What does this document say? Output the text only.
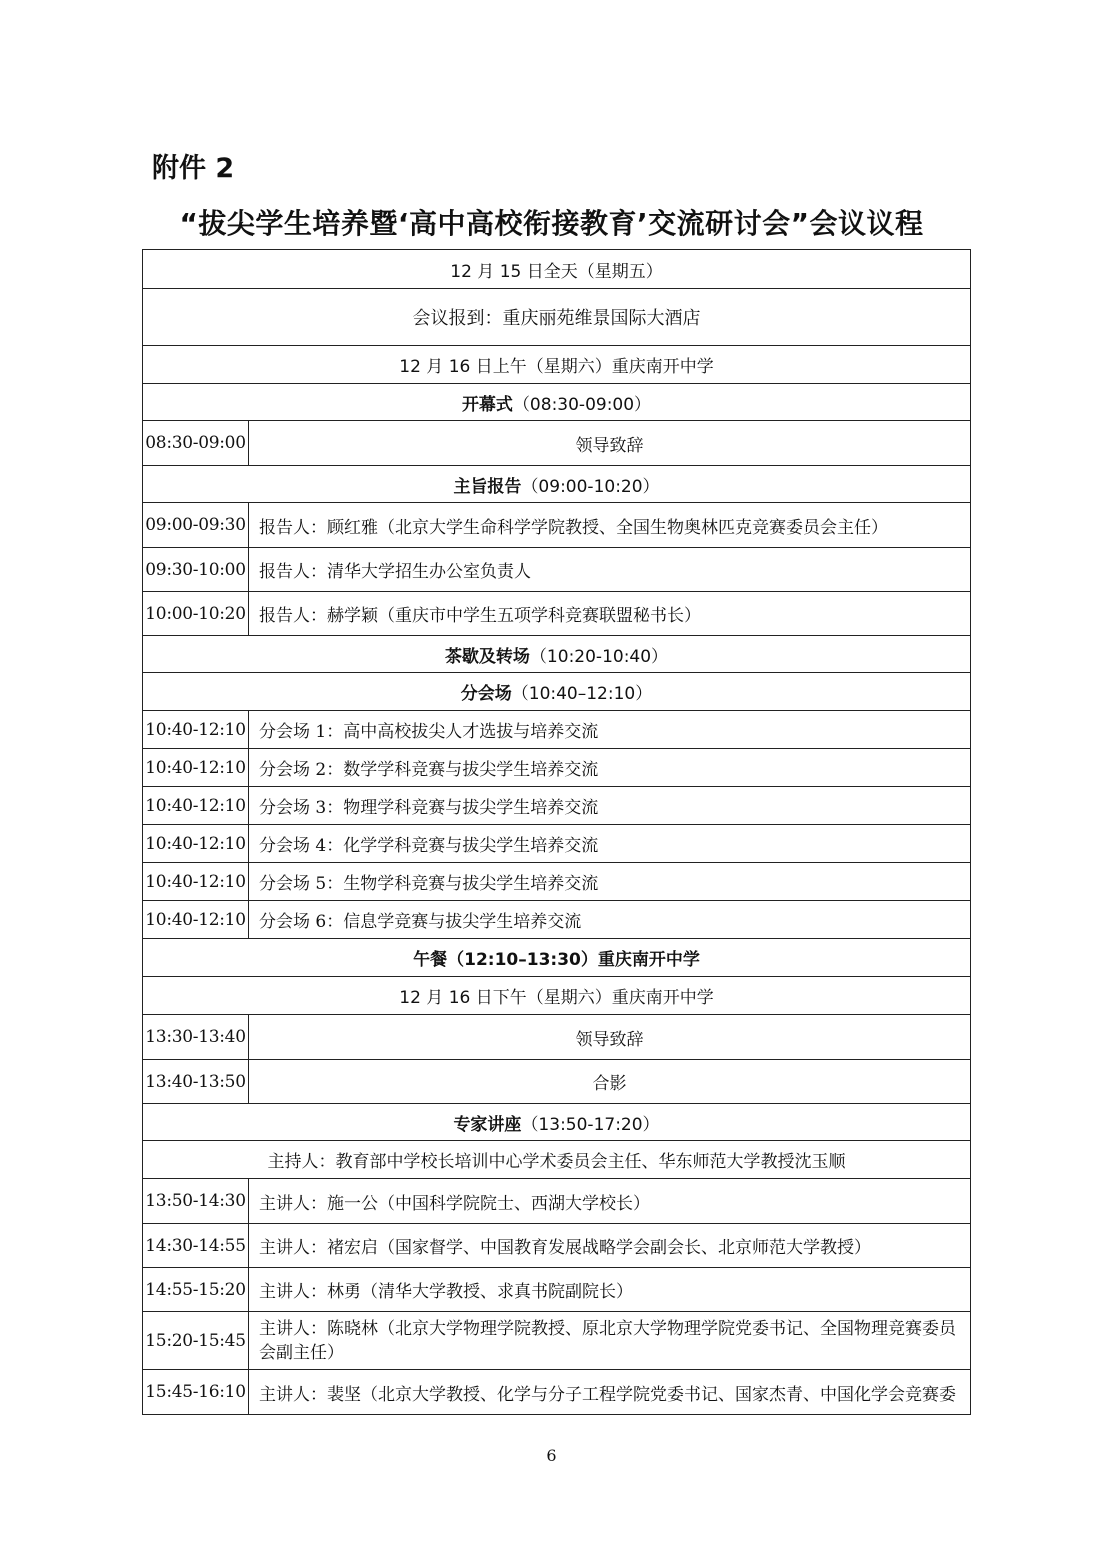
附件 2
“拔尖学生培养暨‘高中高校衔接教育’交流研讨会”会议议程
12 月 15 日全天（星期五）	
会议报到：重庆丽苑维景国际大酒店	
12 月 16 日上午（星期六）重庆南开中学	
开幕式（08:30-09:00）	
08:30-09:00	领导致辞
主旨报告（09:00-10:20）	
09:00-09:30	报告人：顾红雅（北京大学生命科学学院教授、全国生物奥林匹克竞赛委员会主任）
09:30-10:00	报告人：清华大学招生办公室负责人
10:00-10:20	报告人：赫学颖（重庆市中学生五项学科竞赛联盟秘书长）
茶歇及转场（10:20-10:40）	
分会场（10:40–12:10）	
10:40-12:10	分会场 1：高中高校拔尖人才选拔与培养交流
10:40-12:10	分会场 2：数学学科竞赛与拔尖学生培养交流
10:40-12:10	分会场 3：物理学科竞赛与拔尖学生培养交流
10:40-12:10	分会场 4：化学学科竞赛与拔尖学生培养交流
10:40-12:10	分会场 5：生物学科竞赛与拔尖学生培养交流
10:40-12:10	分会场 6：信息学竞赛与拔尖学生培养交流
午餐（12:10–13:30）重庆南开中学	
12 月 16 日下午（星期六）重庆南开中学	
13:30-13:40	领导致辞
13:40-13:50	合影
专家讲座（13:50-17:20）	
主持人：教育部中学校长培训中心学术委员会主任、华东师范大学教授沈玉顺	
13:50-14:30	主讲人：施一公（中国科学院院士、西湖大学校长）
14:30-14:55	主讲人：褚宏启（国家督学、中国教育发展战略学会副会长、北京师范大学教授）
14:55-15:20	主讲人：林勇（清华大学教授、求真书院副院长）
15:20-15:45	主讲人：陈晓林（北京大学物理学院教授、原北京大学物理学院党委书记、全国物理竞赛委员会副主任）
15:45-16:10	主讲人：裴坚（北京大学教授、化学与分子工程学院党委书记、国家杰青、中国化学会竞赛委
6
